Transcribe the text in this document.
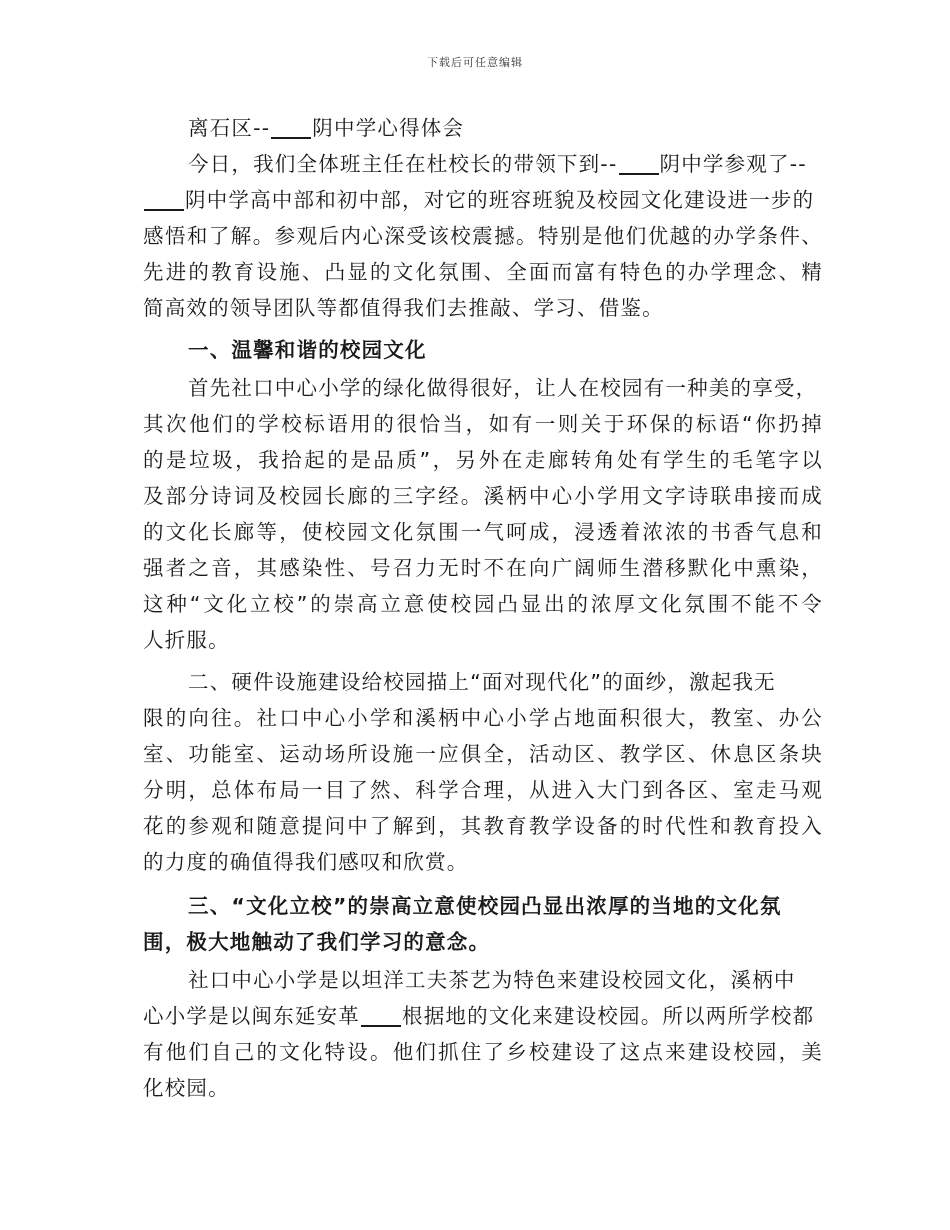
下载后可任意编辑
离石区-- 阴中学心得体会
今日，我们全体班主任在杜校长的带领下到-- 阴中学参观了--
阴中学高中部和初中部，对它的班容班貌及校园文化建设进一步的
感悟和了解。参观后内心深受该校震撼。特别是他们优越的办学条件、
先进的教育设施、凸显的文化氛围、全面而富有特色的办学理念、精
简高效的领导团队等都值得我们去推敲、学习、借鉴。
一、温馨和谐的校园文化
首先社口中心小学的绿化做得很好，让人在校园有一种美的享受，
其次他们的学校标语用的很恰当，如有一则关于环保的标语“你扔掉
的是垃圾，我拾起的是品质”，另外在走廊转角处有学生的毛笔字以
及部分诗词及校园长廊的三字经。溪柄中心小学用文字诗联串接而成
的文化长廊等，使校园文化氛围一气呵成，浸透着浓浓的书香气息和
强者之音，其感染性、号召力无时不在向广阔师生潜移默化中熏染，
这种“文化立校”的崇高立意使校园凸显出的浓厚文化氛围不能不令
人折服。
二、硬件设施建设给校园描上“面对现代化”的面纱，激起我无
限的向往。社口中心小学和溪柄中心小学占地面积很大，教室、办公
室、功能室、运动场所设施一应俱全，活动区、教学区、休息区条块
分明，总体布局一目了然、科学合理，从进入大门到各区、室走马观
花的参观和随意提问中了解到，其教育教学设备的时代性和教育投入
的力度的确值得我们感叹和欣赏。
三、“文化立校”的崇高立意使校园凸显出浓厚的当地的文化氛
围，极大地触动了我们学习的意念。
社口中心小学是以坦洋工夫茶艺为特色来建设校园文化，溪柄中
心小学是以闽东延安革 根据地的文化来建设校园。所以两所学校都
有他们自己的文化特设。他们抓住了乡校建设了这点来建设校园，美
化校园。
